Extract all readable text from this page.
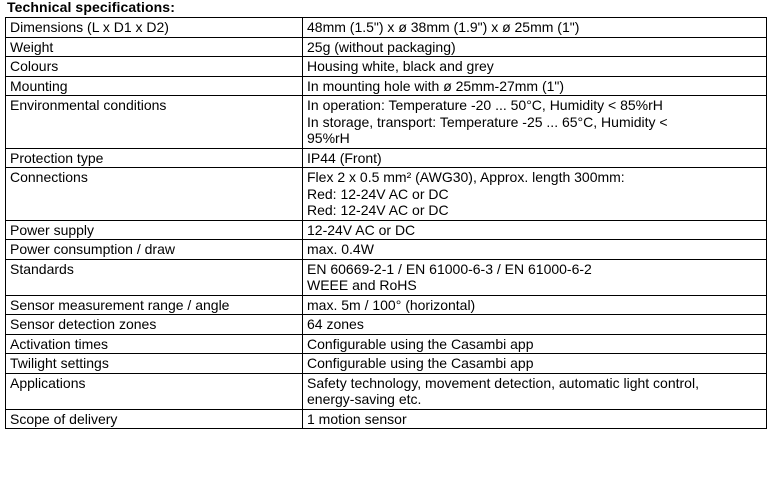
Technical specifications:
Dimensions (L x D1 x D2)	48mm (1.5") x ø 38mm (1.9") x ø 25mm (1")

Weight	25g (without packaging)

Colours	Housing white, black and grey

Mounting	In mounting hole with ø 25mm-27mm (1")

Environmental conditions	In operation: Temperature -20 ... 50°C, Humidity < 85%rH
In storage, transport: Temperature -25 ... 65°C, Humidity <
95%rH

Protection type	IP44 (Front)

Connections	Flex 2 x 0.5 mm² (AWG30), Approx. length 300mm:
Red: 12-24V AC or DC
Red: 12-24V AC or DC

Power supply	12-24V AC or DC

Power consumption / draw	max. 0.4W

Standards	EN 60669-2-1 / EN 61000-6-3 / EN 61000-6-2
WEEE and RoHS

Sensor measurement range / angle	max. 5m / 100° (horizontal)

Sensor detection zones	64 zones

Activation times	Configurable using the Casambi app

Twilight settings	Configurable using the Casambi app

Applications	Safety technology, movement detection, automatic light control,
energy-saving etc.

Scope of delivery	1 motion sensor
